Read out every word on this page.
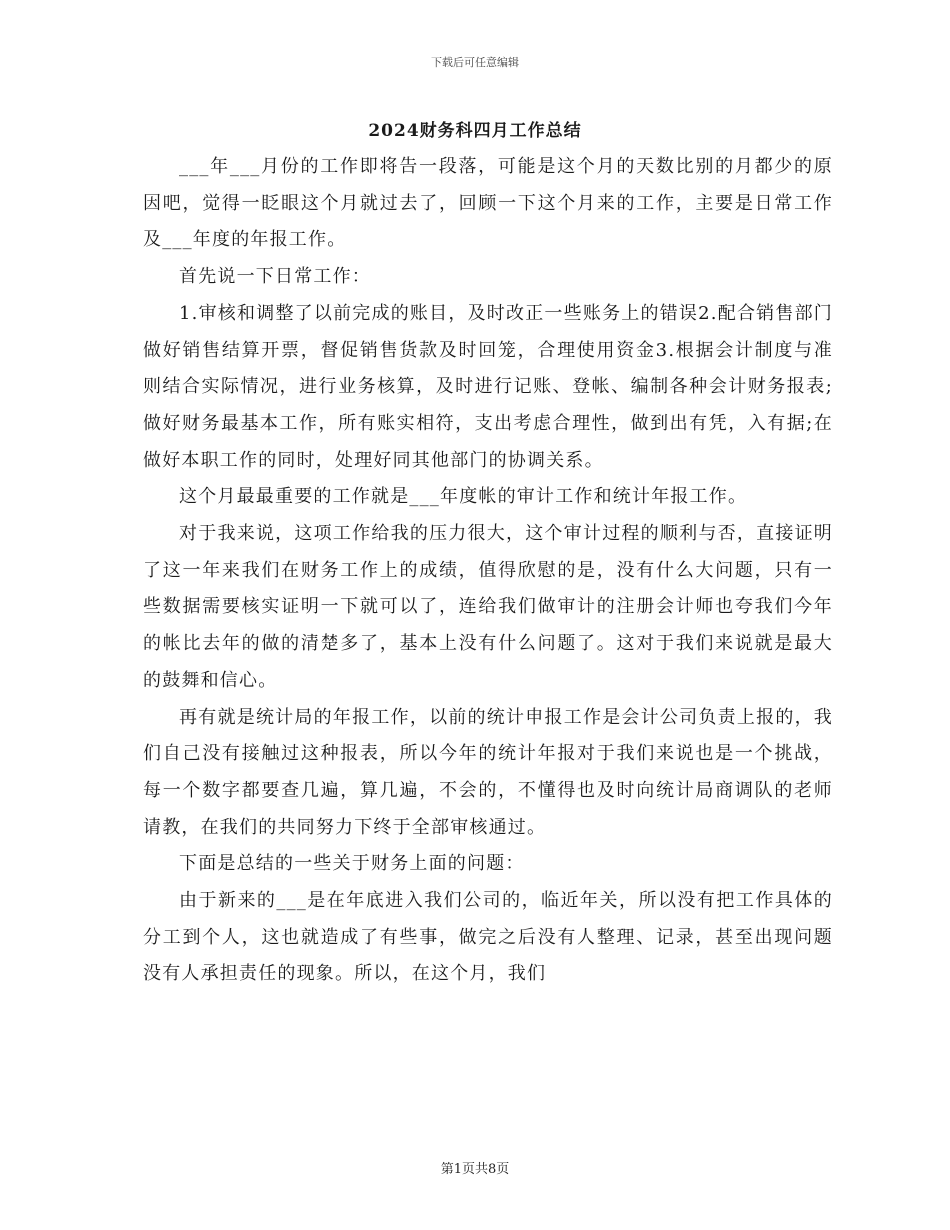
下载后可任意编辑
2024财务科四月工作总结

___年___月份的工作即将告一段落，可能是这个月的天数比别的月都少的原因吧，觉得一眨眼这个月就过去了，回顾一下这个月来的工作，主要是日常工作及___年度的年报工作。

首先说一下日常工作：

1.审核和调整了以前完成的账目，及时改正一些账务上的错误2.配合销售部门做好销售结算开票，督促销售货款及时回笼，合理使用资金3.根据会计制度与准则结合实际情况，进行业务核算，及时进行记账、登帐、编制各种会计财务报表;做好财务最基本工作，所有账实相符，支出考虑合理性，做到出有凭，入有据;在做好本职工作的同时，处理好同其他部门的协调关系。

这个月最最重要的工作就是___年度帐的审计工作和统计年报工作。

对于我来说，这项工作给我的压力很大，这个审计过程的顺利与否，直接证明了这一年来我们在财务工作上的成绩，值得欣慰的是，没有什么大问题，只有一些数据需要核实证明一下就可以了，连给我们做审计的注册会计师也夸我们今年的帐比去年的做的清楚多了，基本上没有什么问题了。这对于我们来说就是最大的鼓舞和信心。

再有就是统计局的年报工作，以前的统计申报工作是会计公司负责上报的，我们自己没有接触过这种报表，所以今年的统计年报对于我们来说也是一个挑战，每一个数字都要查几遍，算几遍，不会的，不懂得也及时向统计局商调队的老师请教，在我们的共同努力下终于全部审核通过。

下面是总结的一些关于财务上面的问题：

由于新来的___是在年底进入我们公司的，临近年关，所以没有把工作具体的分工到个人，这也就造成了有些事，做完之后没有人整理、记录，甚至出现问题没有人承担责任的现象。所以，在这个月，我们

第1页共8页
